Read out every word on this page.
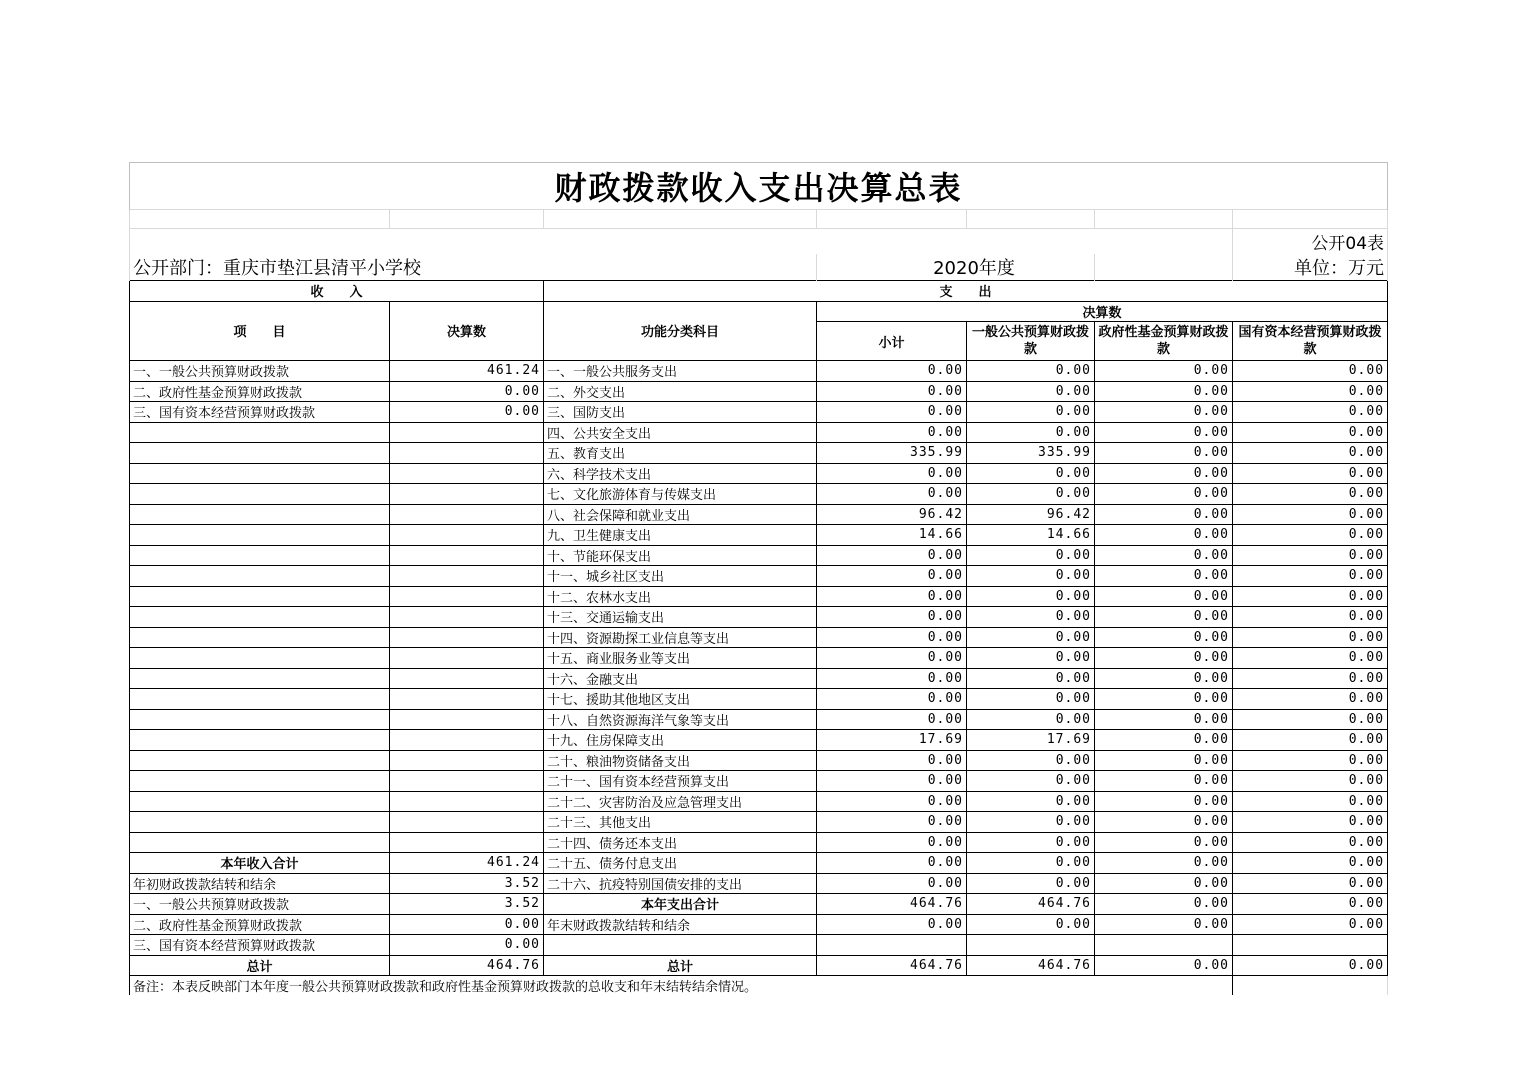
财政拨款收入支出决算总表						

						公开04表
公开部门：重庆市垫江县清平小学校			2020年度			单位：万元
收　　入		支　　出				
项　　目	决算数	功能分类科目	决算数			
			小计	一般公共预算财政拨款	政府性基金预算财政拨款	国有资本经营预算财政拨款
一、一般公共预算财政拨款	461.24	一、一般公共服务支出	0.00	0.00	0.00	0.00
二、政府性基金预算财政拨款	0.00	二、外交支出	0.00	0.00	0.00	0.00
三、国有资本经营预算财政拨款	0.00	三、国防支出	0.00	0.00	0.00	0.00
		四、公共安全支出	0.00	0.00	0.00	0.00
		五、教育支出	335.99	335.99	0.00	0.00
		六、科学技术支出	0.00	0.00	0.00	0.00
		七、文化旅游体育与传媒支出	0.00	0.00	0.00	0.00
		八、社会保障和就业支出	96.42	96.42	0.00	0.00
		九、卫生健康支出	14.66	14.66	0.00	0.00
		十、节能环保支出	0.00	0.00	0.00	0.00
		十一、城乡社区支出	0.00	0.00	0.00	0.00
		十二、农林水支出	0.00	0.00	0.00	0.00
		十三、交通运输支出	0.00	0.00	0.00	0.00
		十四、资源勘探工业信息等支出	0.00	0.00	0.00	0.00
		十五、商业服务业等支出	0.00	0.00	0.00	0.00
		十六、金融支出	0.00	0.00	0.00	0.00
		十七、援助其他地区支出	0.00	0.00	0.00	0.00
		十八、自然资源海洋气象等支出	0.00	0.00	0.00	0.00
		十九、住房保障支出	17.69	17.69	0.00	0.00
		二十、粮油物资储备支出	0.00	0.00	0.00	0.00
		二十一、国有资本经营预算支出	0.00	0.00	0.00	0.00
		二十二、灾害防治及应急管理支出	0.00	0.00	0.00	0.00
		二十三、其他支出	0.00	0.00	0.00	0.00
		二十四、债务还本支出	0.00	0.00	0.00	0.00
本年收入合计	461.24	二十五、债务付息支出	0.00	0.00	0.00	0.00
年初财政拨款结转和结余	3.52	二十六、抗疫特别国债安排的支出	0.00	0.00	0.00	0.00
一、一般公共预算财政拨款	3.52	本年支出合计	464.76	464.76	0.00	0.00
二、政府性基金预算财政拨款	0.00	年末财政拨款结转和结余	0.00	0.00	0.00	0.00
三、国有资本经营预算财政拨款	0.00					
总计	464.76	总计	464.76	464.76	0.00	0.00
备注：本表反映部门本年度一般公共预算财政拨款和政府性基金预算财政拨款的总收支和年末结转结余情况。						
